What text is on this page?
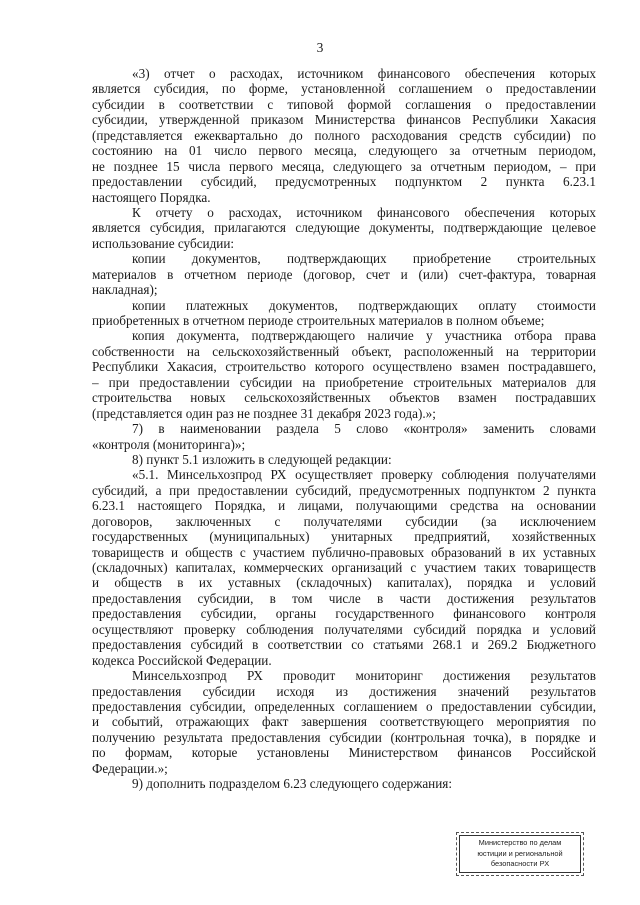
3
«3) отчет о расходах, источником финансового обеспечения которых
является субсидия, по форме, установленной соглашением о предоставлении
субсидии в соответствии с типовой формой соглашения о предоставлении
субсидии, утвержденной приказом Министерства финансов Республики Хакасия
(представляется ежеквартально до полного расходования средств субсидии) по
состоянию на 01 число первого месяца, следующего за отчетным периодом,
не позднее 15 числа первого месяца, следующего за отчетным периодом, – при
предоставлении субсидий, предусмотренных подпунктом 2 пункта 6.23.1
настоящего Порядка.
К отчету о расходах, источником финансового обеспечения которых
является субсидия, прилагаются следующие документы, подтверждающие целевое
использование субсидии:
копии документов, подтверждающих приобретение строительных
материалов в отчетном периоде (договор, счет и (или) счет-фактура, товарная
накладная);
копии платежных документов, подтверждающих оплату стоимости
приобретенных в отчетном периоде строительных материалов в полном объеме;
копия документа, подтверждающего наличие у участника отбора права
собственности на сельскохозяйственный объект, расположенный на территории
Республики Хакасия, строительство которого осуществлено взамен пострадавшего,
– при предоставлении субсидии на приобретение строительных материалов для
строительства новых сельскохозяйственных объектов взамен пострадавших
(представляется один раз не позднее 31 декабря 2023 года).»;
7) в наименовании раздела 5 слово «контроля» заменить словами
«контроля (мониторинга)»;
8) пункт 5.1 изложить в следующей редакции:
«5.1. Минсельхозпрод РХ осуществляет проверку соблюдения получателями
субсидий, а при предоставлении субсидий, предусмотренных подпунктом 2 пункта
6.23.1 настоящего Порядка, и лицами, получающими средства на основании
договоров, заключенных с получателями субсидии (за исключением
государственных (муниципальных) унитарных предприятий, хозяйственных
товариществ и обществ с участием публично-правовых образований в их уставных
(складочных) капиталах, коммерческих организаций с участием таких товариществ
и обществ в их уставных (складочных) капиталах), порядка и условий
предоставления субсидии, в том числе в части достижения результатов
предоставления субсидии, органы государственного финансового контроля
осуществляют проверку соблюдения получателями субсидий порядка и условий
предоставления субсидий в соответствии со статьями 268.1 и 269.2 Бюджетного
кодекса Российской Федерации.
Минсельхозпрод РХ проводит мониторинг достижения результатов
предоставления субсидии исходя из достижения значений результатов
предоставления субсидии, определенных соглашением о предоставлении субсидии,
и событий, отражающих факт завершения соответствующего мероприятия по
получению результата предоставления субсидии (контрольная точка), в порядке и
по формам, которые установлены Министерством финансов Российской
Федерации.»;
9) дополнить подразделом 6.23 следующего содержания:
Министерство по делам
юстиции и региональной
безопасности РХ
